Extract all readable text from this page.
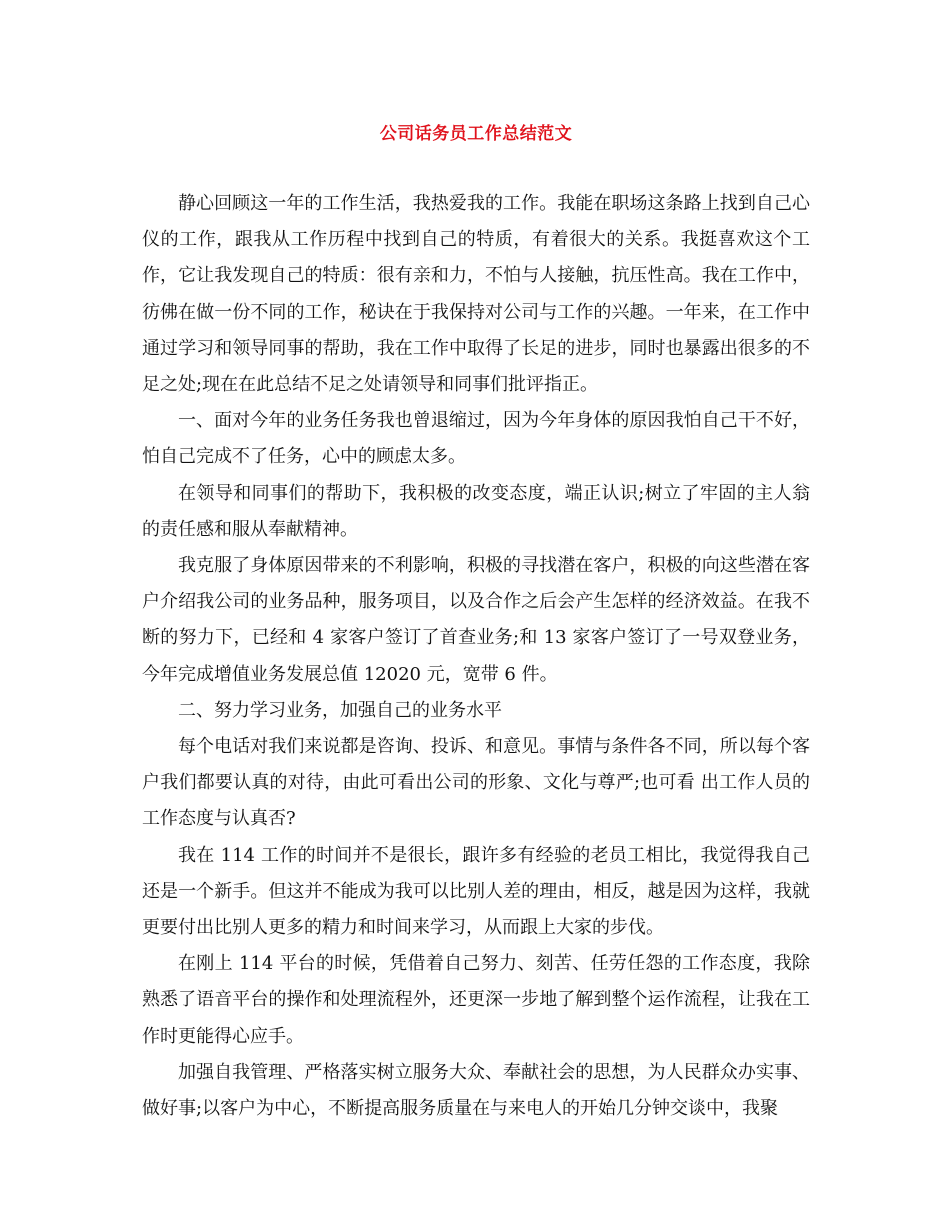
公司话务员工作总结范文

静心回顾这一年的工作生活，我热爱我的工作。我能在职场这条路上找到自己心仪的工作，跟我从工作历程中找到自己的特质，有着很大的关系。我挺喜欢这个工作，它让我发现自己的特质：很有亲和力，不怕与人接触，抗压性高。我在工作中，彷佛在做一份不同的工作，秘诀在于我保持对公司与工作的兴趣。一年来，在工作中通过学习和领导同事的帮助，我在工作中取得了长足的进步，同时也暴露出很多的不足之处;现在在此总结不足之处请领导和同事们批评指正。

一、面对今年的业务任务我也曾退缩过，因为今年身体的原因我怕自己干不好，怕自己完成不了任务，心中的顾虑太多。

在领导和同事们的帮助下，我积极的改变态度，端正认识;树立了牢固的主人翁的责任感和服从奉献精神。

我克服了身体原因带来的不利影响，积极的寻找潜在客户，积极的向这些潜在客户介绍我公司的业务品种，服务项目，以及合作之后会产生怎样的经济效益。在我不断的努力下，已经和 4 家客户签订了首查业务;和 13 家客户签订了一号双登业务，今年完成增值业务发展总值 12020 元，宽带 6 件。

二、努力学习业务，加强自己的业务水平

每个电话对我们来说都是咨询、投诉、和意见。事情与条件各不同，所以每个客户我们都要认真的对待，由此可看出公司的形象、文化与尊严;也可看 出工作人员的工作态度与认真否?

我在 114 工作的时间并不是很长，跟许多有经验的老员工相比，我觉得我自己还是一个新手。但这并不能成为我可以比别人差的理由，相反，越是因为这样，我就更要付出比别人更多的精力和时间来学习，从而跟上大家的步伐。

在刚上 114 平台的时候，凭借着自己努力、刻苦、任劳任怨的工作态度，我除熟悉了语音平台的操作和处理流程外，还更深一步地了解到整个运作流程，让我在工作时更能得心应手。

加强自我管理、严格落实树立服务大众、奉献社会的思想，为人民群众办实事、做好事;以客户为中心，不断提高服务质量在与来电人的开始几分钟交谈中，我聚
